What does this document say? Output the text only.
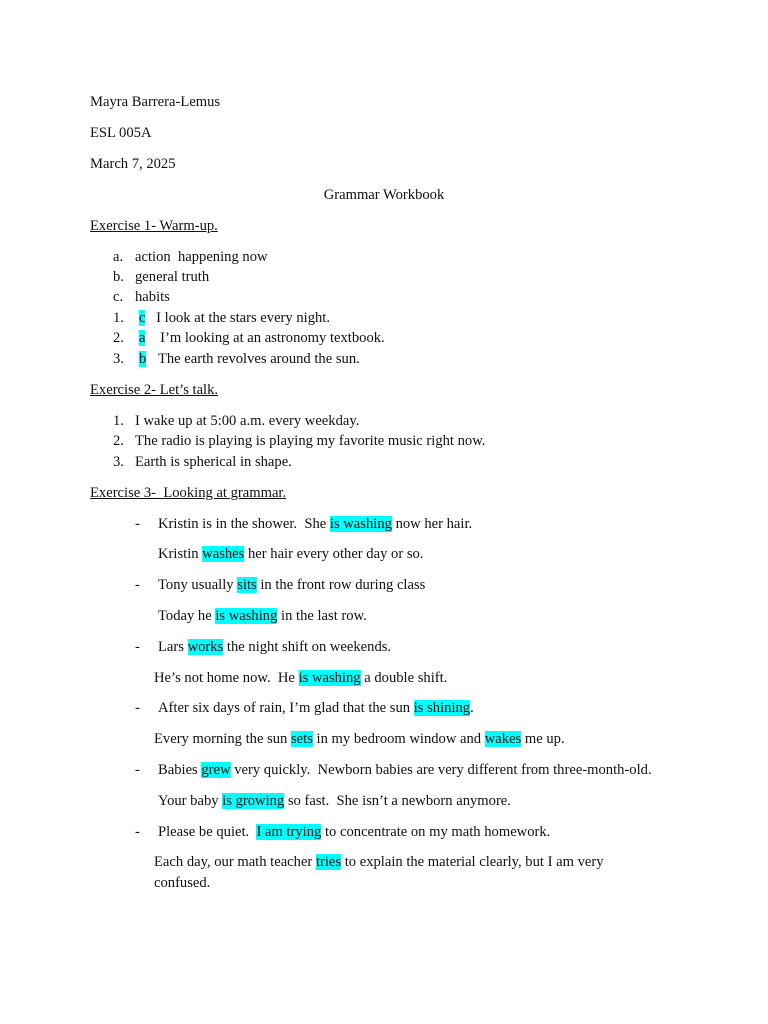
Mayra Barrera-Lemus
ESL 005A
March 7, 2025
Grammar Workbook
Exercise 1- Warm-up.
a. action  happening now
b. general truth
c. habits
1. c I look at the stars every night.
2. a I’m looking at an astronomy textbook.
3. b The earth revolves around the sun.
Exercise 2- Let’s talk.
1. I wake up at 5:00 a.m. every weekday.
2. The radio is playing is playing my favorite music right now.
3. Earth is spherical in shape.
Exercise 3-  Looking at grammar.
- Kristin is in the shower.  She is washing now her hair.
Kristin washes her hair every other day or so.
- Tony usually sits in the front row during class
Today he is washing in the last row.
- Lars works the night shift on weekends.
He’s not home now.  He is washing a double shift.
- After six days of rain, I’m glad that the sun is shining.
Every morning the sun sets in my bedroom window and wakes me up.
- Babies grew very quickly.  Newborn babies are very different from three-month-old.
Your baby is growing so fast.  She isn’t a newborn anymore.
- Please be quiet.  I am trying to concentrate on my math homework.
Each day, our math teacher tries to explain the material clearly, but I am very
confused.
